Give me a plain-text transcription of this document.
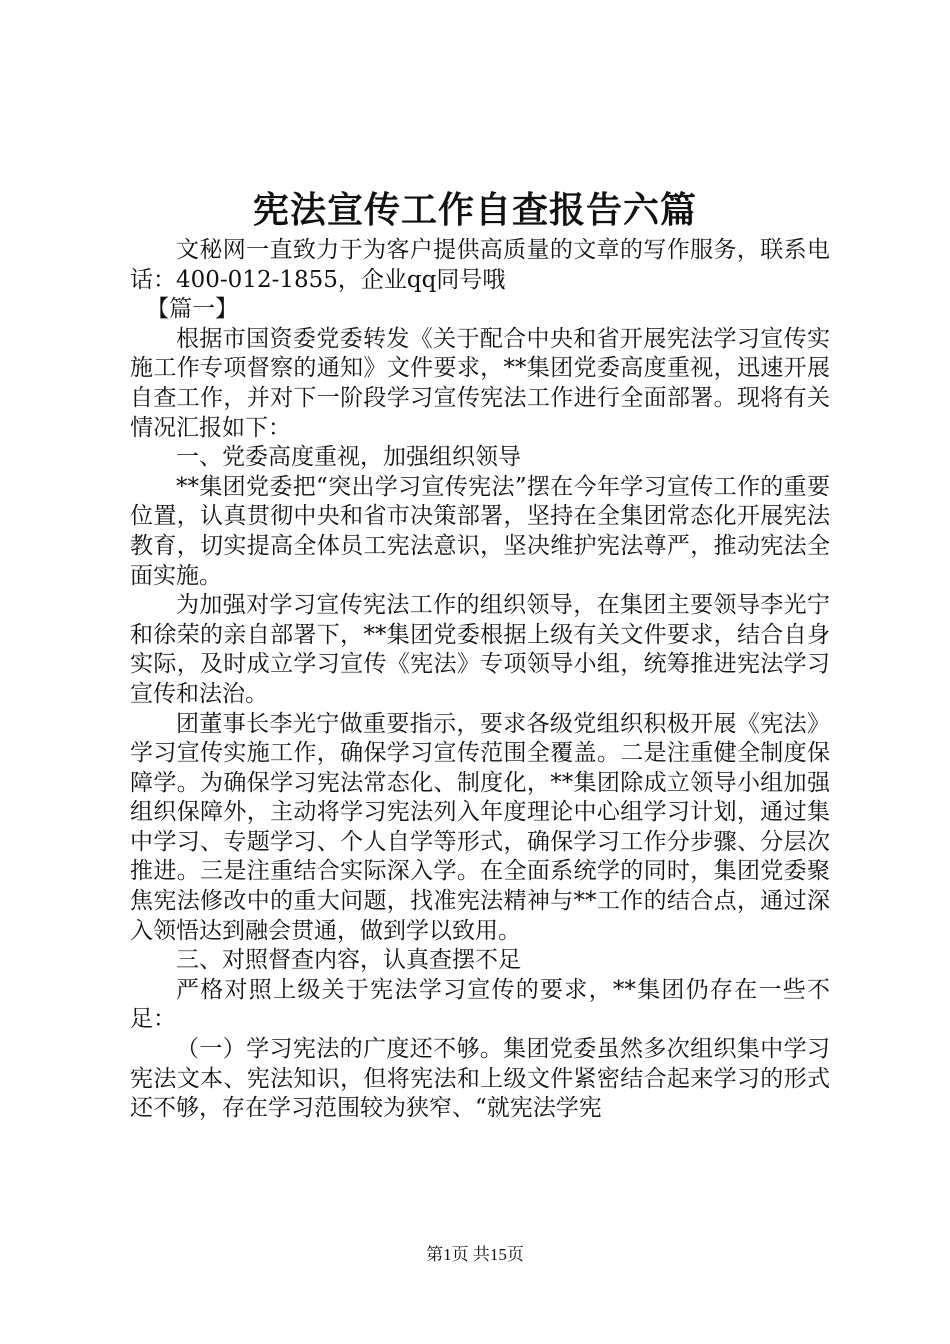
宪法宣传工作自查报告六篇

文秘网一直致力于为客户提供高质量的文章的写作服务，联系电话：400-012-1855，企业qq同号哦

【篇一】

根据市国资委党委转发《关于配合中央和省开展宪法学习宣传实施工作专项督察的通知》文件要求，**集团党委高度重视，迅速开展自查工作，并对下一阶段学习宣传宪法工作进行全面部署。现将有关情况汇报如下：

一、党委高度重视，加强组织领导

**集团党委把“突出学习宣传宪法”摆在今年学习宣传工作的重要位置，认真贯彻中央和省市决策部署，坚持在全集团常态化开展宪法教育，切实提高全体员工宪法意识，坚决维护宪法尊严，推动宪法全面实施。

为加强对学习宣传宪法工作的组织领导，在集团主要领导李光宁和徐荣的亲自部署下，**集团党委根据上级有关文件要求，结合自身实际，及时成立学习宣传《宪法》专项领导小组，统筹推进宪法学习宣传和法治。

团董事长李光宁做重要指示，要求各级党组织积极开展《宪法》学习宣传实施工作，确保学习宣传范围全覆盖。二是注重健全制度保障学。为确保学习宪法常态化、制度化，**集团除成立领导小组加强组织保障外，主动将学习宪法列入年度理论中心组学习计划，通过集中学习、专题学习、个人自学等形式，确保学习工作分步骤、分层次推进。三是注重结合实际深入学。在全面系统学的同时，集团党委聚焦宪法修改中的重大问题，找准宪法精神与**工作的结合点，通过深入领悟达到融会贯通，做到学以致用。

三、对照督查内容，认真查摆不足

严格对照上级关于宪法学习宣传的要求，**集团仍存在一些不足：

（一）学习宪法的广度还不够。集团党委虽然多次组织集中学习宪法文本、宪法知识，但将宪法和上级文件紧密结合起来学习的形式还不够，存在学习范围较为狭窄、“就宪法学宪

第1页 共15页
